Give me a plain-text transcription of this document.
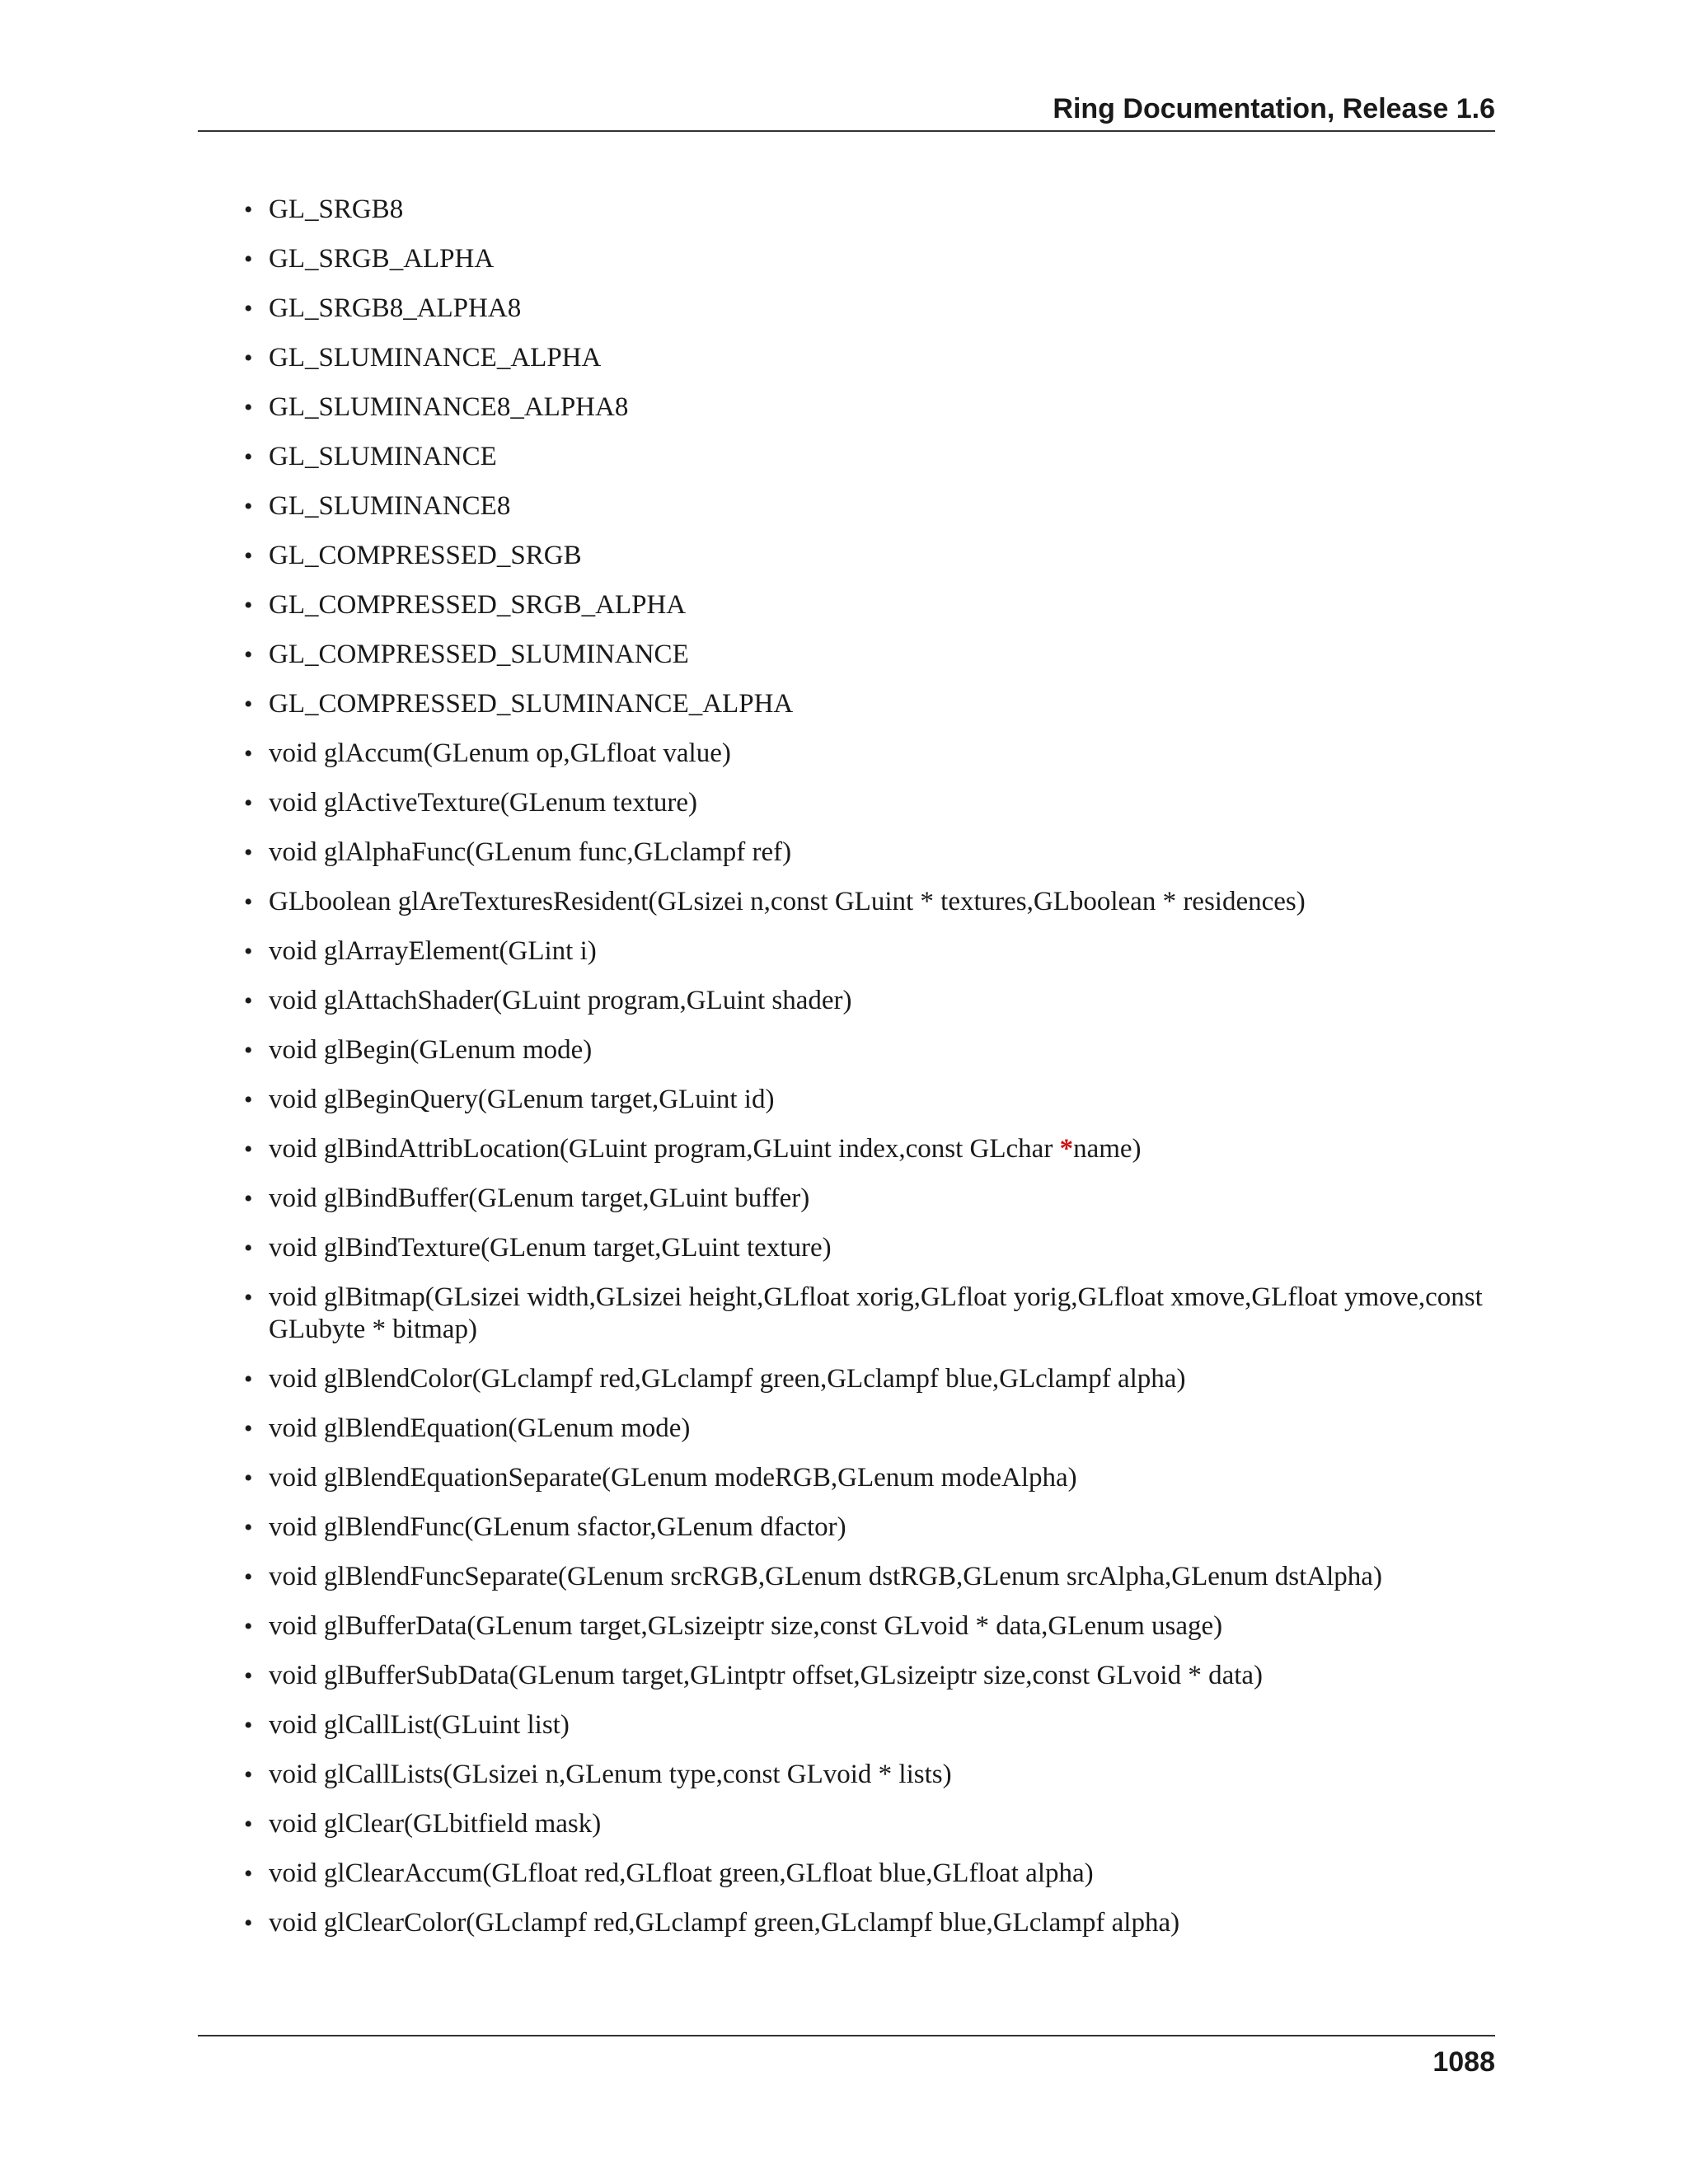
Ring Documentation, Release 1.6
• GL_SRGB8
• GL_SRGB_ALPHA
• GL_SRGB8_ALPHA8
• GL_SLUMINANCE_ALPHA
• GL_SLUMINANCE8_ALPHA8
• GL_SLUMINANCE
• GL_SLUMINANCE8
• GL_COMPRESSED_SRGB
• GL_COMPRESSED_SRGB_ALPHA
• GL_COMPRESSED_SLUMINANCE
• GL_COMPRESSED_SLUMINANCE_ALPHA
• void glAccum(GLenum op,GLfloat value)
• void glActiveTexture(GLenum texture)
• void glAlphaFunc(GLenum func,GLclampf ref)
• GLboolean glAreTexturesResident(GLsizei n,const GLuint * textures,GLboolean * residences)
• void glArrayElement(GLint i)
• void glAttachShader(GLuint program,GLuint shader)
• void glBegin(GLenum mode)
• void glBeginQuery(GLenum target,GLuint id)
• void glBindAttribLocation(GLuint program,GLuint index,const GLchar *name)
• void glBindBuffer(GLenum target,GLuint buffer)
• void glBindTexture(GLenum target,GLuint texture)
• void glBitmap(GLsizei width,GLsizei height,GLfloat xorig,GLfloat yorig,GLfloat xmove,GLfloat ymove,const GLubyte * bitmap)
• void glBlendColor(GLclampf red,GLclampf green,GLclampf blue,GLclampf alpha)
• void glBlendEquation(GLenum mode)
• void glBlendEquationSeparate(GLenum modeRGB,GLenum modeAlpha)
• void glBlendFunc(GLenum sfactor,GLenum dfactor)
• void glBlendFuncSeparate(GLenum srcRGB,GLenum dstRGB,GLenum srcAlpha,GLenum dstAlpha)
• void glBufferData(GLenum target,GLsizeiptr size,const GLvoid * data,GLenum usage)
• void glBufferSubData(GLenum target,GLintptr offset,GLsizeiptr size,const GLvoid * data)
• void glCallList(GLuint list)
• void glCallLists(GLsizei n,GLenum type,const GLvoid * lists)
• void glClear(GLbitfield mask)
• void glClearAccum(GLfloat red,GLfloat green,GLfloat blue,GLfloat alpha)
• void glClearColor(GLclampf red,GLclampf green,GLclampf blue,GLclampf alpha)
1088
